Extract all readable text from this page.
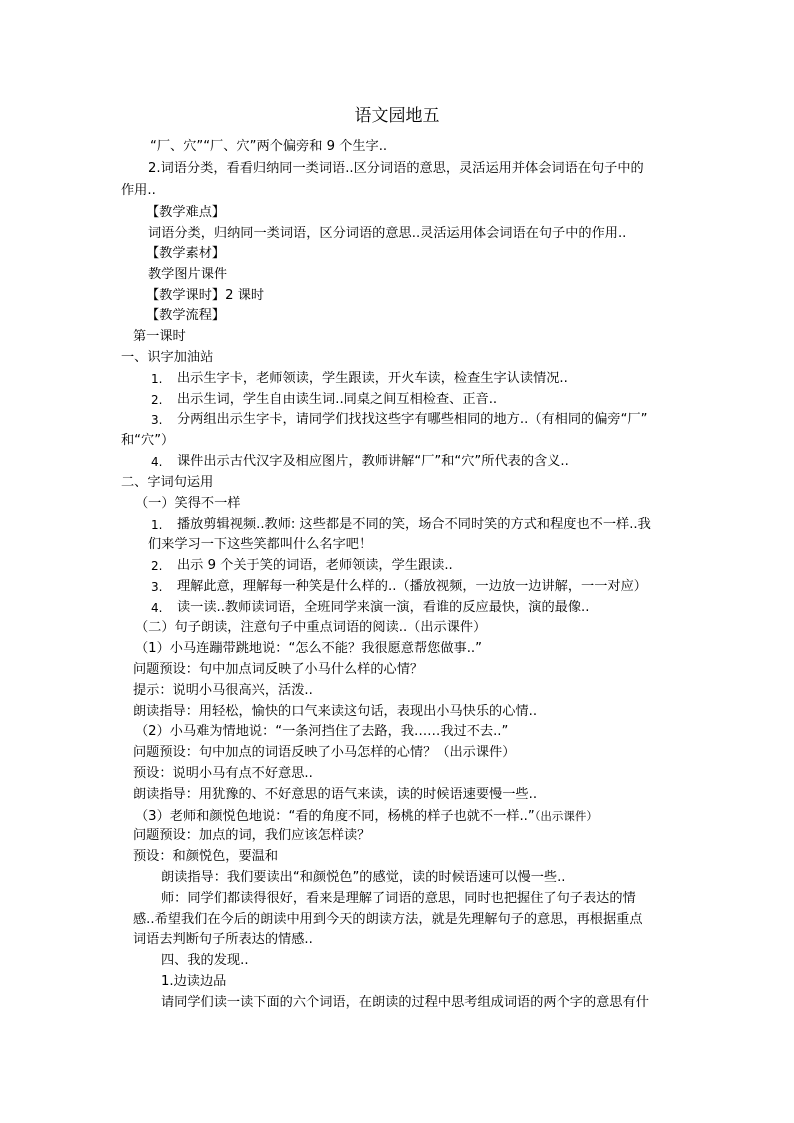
语文园地五
“厂、穴”“厂、穴”两个偏旁和 9 个生字..
2.词语分类，看看归纳同一类词语..区分词语的意思，灵活运用并体会词语在句子中的
作用..
【教学难点】
词语分类，归纳同一类词语，区分词语的意思..灵活运用体会词语在句子中的作用..
【教学素材】
教学图片课件
【教学课时】2 课时
【教学流程】
第一课时
一、识字加油站
1. 出示生字卡，老师领读，学生跟读，开火车读，检查生字认读情况..
2. 出示生词，学生自由读生词..同桌之间互相检查、正音..
3. 分两组出示生字卡，请同学们找找这些字有哪些相同的地方..（有相同的偏旁“厂”
和“穴”）
4. 课件出示古代汉字及相应图片，教师讲解“厂”和“穴”所代表的含义..
二、字词句运用
（一）笑得不一样
1. 播放剪辑视频..教师: 这些都是不同的笑，场合不同时笑的方式和程度也不一样..我
们来学习一下这些笑都叫什么名字吧！
2. 出示 9 个关于笑的词语，老师领读，学生跟读..
3. 理解此意，理解每一种笑是什么样的..（播放视频，一边放一边讲解，一一对应）
4. 读一读..教师读词语，全班同学来演一演，看谁的反应最快，演的最像..
（二）句子朗读，注意句子中重点词语的阅读..（出示课件）
（1）小马连蹦带跳地说：“怎么不能？我很愿意帮您做事..”
问题预设：句中加点词反映了小马什么样的心情？
提示：说明小马很高兴，活泼..
朗读指导：用轻松，愉快的口气来读这句话，表现出小马快乐的心情..
（2）小马难为情地说：“一条河挡住了去路，我……我过不去..”
问题预设：句中加点的词语反映了小马怎样的心情？（出示课件）
预设：说明小马有点不好意思..
朗读指导：用犹豫的、不好意思的语气来读，读的时候语速要慢一些..
（3）老师和颜悦色地说：“看的角度不同，杨桃的样子也就不一样..”（出示课件）
问题预设：加点的词，我们应该怎样读？
预设：和颜悦色，要温和
朗读指导：我们要读出“和颜悦色”的感觉，读的时候语速可以慢一些..
师：同学们都读得很好，看来是理解了词语的意思，同时也把握住了句子表达的情
感..希望我们在今后的朗读中用到今天的朗读方法，就是先理解句子的意思，再根据重点
词语去判断句子所表达的情感..
四、我的发现..
1.边读边品
请同学们读一读下面的六个词语，在朗读的过程中思考组成词语的两个字的意思有什
